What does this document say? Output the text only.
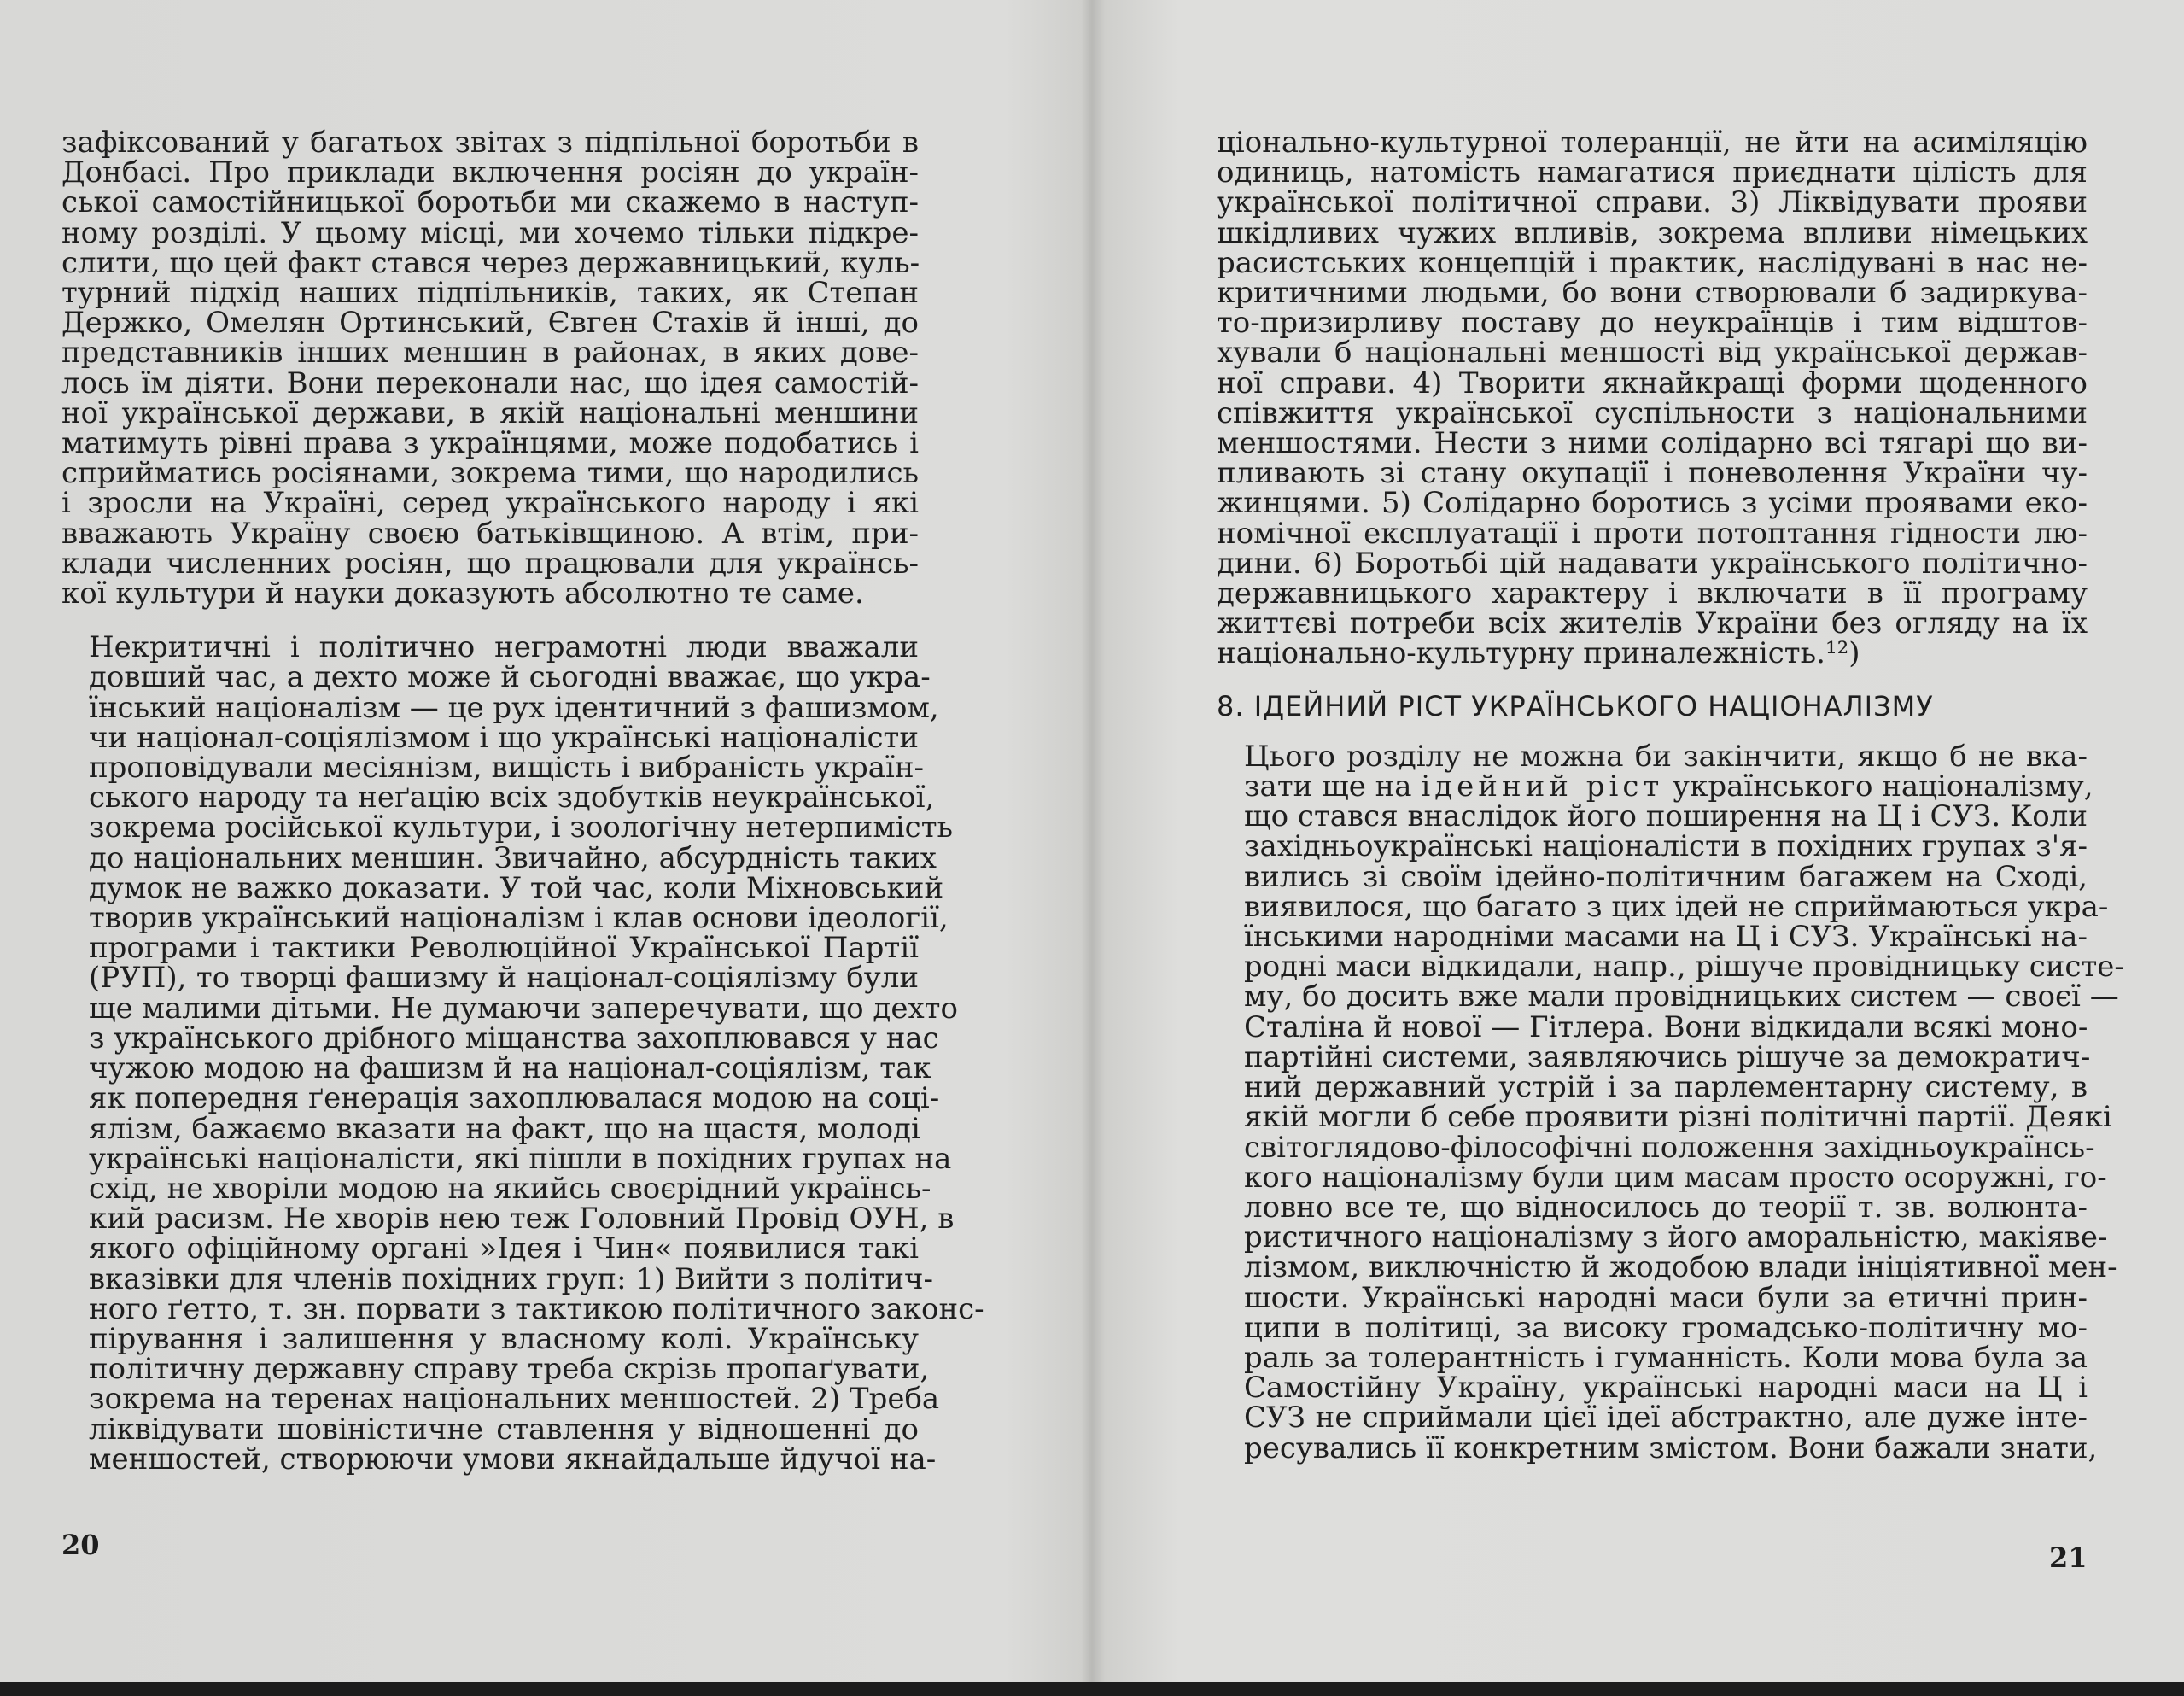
зафіксований у багатьох звітах з підпільної боротьби в
Донбасі. Про приклади включення росіян до україн-
ської самостійницької боротьби ми скажемо в наступ-
ному розділі. У цьому місці, ми хочемо тільки підкре-
слити, що цей факт стався через державницький, куль-
турний підхід наших підпільників, таких, як Степан
Держко, Омелян Ортинський, Євген Стахів й інші, до
представників інших меншин в районах, в яких дове-
лось їм діяти. Вони переконали нас, що ідея самостій-
ної української держави, в якій національні меншини
матимуть рівні права з українцями, може подобатись і
сприйматись росіянами, зокрема тими, що народились
і зросли на Україні, серед українського народу і які
вважають Україну своєю батьківщиною. А втім, при-
клади численних росіян, що працювали для українсь-
кої культури й науки доказують абсолютно те саме.
Некритичні і політично неграмотні люди вважали
довший час, а дехто може й сьогодні вважає, що укра-
їнський націоналізм — це рух ідентичний з фашизмом,
чи націонал-соціялізмом і що українські націоналісти
проповідували месіянізм, вищість і вибраність україн-
ського народу та неґацію всіх здобутків неукраїнської,
зокрема російської культури, і зоологічну нетерпимість
до національних меншин. Звичайно, абсурдність таких
думок не важко доказати. У той час, коли Міхновський
творив український націоналізм і клав основи ідеології,
програми і тактики Революційної Української Партії
(РУП), то творці фашизму й націонал-соціялізму були
ще малими дітьми. Не думаючи заперечувати, що дехто
з українського дрібного міщанства захоплювався у нас
чужою модою на фашизм й на націонал-соціялізм, так
як попередня ґенерація захоплювалася модою на соці-
ялізм, бажаємо вказати на факт, що на щастя, молоді
українські націоналісти, які пішли в похідних групах на
схід, не хворіли модою на якийсь своєрідний українсь-
кий расизм. Не хворів нею теж Головний Провід ОУН, в
якого офіційному органі »Ідея і Чин« появилися такі
вказівки для членів похідних груп: 1) Вийти з політич-
ного ґетто, т. зн. порвати з тактикою політичного законс-
пірування і залишення у власному колі. Українську
політичну державну справу треба скрізь пропаґувати,
зокрема на теренах національних меншостей. 2) Треба
ліквідувати шовіністичне ставлення у відношенні до
меншостей, створюючи умови якнайдальше йдучої на-
20
ціонально-культурної толеранції, не йти на асиміляцію
одиниць, натомість намагатися приєднати цілість для
української політичної справи. 3) Ліквідувати прояви
шкідливих чужих впливів, зокрема впливи німецьких
расистських концепцій і практик, наслідувані в нас не-
критичними людьми, бо вони створювали б задиркува-
то-призирливу поставу до неукраїнців і тим відштов-
хували б національні меншості від української держав-
ної справи. 4) Творити якнайкращі форми щоденного
співжиття української суспільности з національними
меншостями. Нести з ними солідарно всі тягарі що ви-
пливають зі стану окупації і поневолення України чу-
жинцями. 5) Солідарно боротись з усіми проявами еко-
номічної експлуатації і проти потоптання гідности лю-
дини. 6) Боротьбі цій надавати українського політично-
державницького характеру і включати в її програму
життєві потреби всіх жителів України без огляду на їх
національно-культурну приналежність.¹²)
8. ІДЕЙНИЙ РІСТ УКРАЇНСЬКОГО НАЦІОНАЛІЗМУ
Цього розділу не можна би закінчити, якщо б не вка-
зати ще на ідейний ріст українського націоналізму,
що стався внаслідок його поширення на Ц і СУЗ. Коли
західньоукраїнські націоналісти в похідних групах з'я-
вились зі своїм ідейно-політичним багажем на Сході,
виявилося, що багато з цих ідей не сприймаються укра-
їнськими народніми масами на Ц і СУЗ. Українські на-
родні маси відкидали, напр., рішуче провідницьку систе-
му, бо досить вже мали провідницьких систем — своєї —
Сталіна й нової — Гітлера. Вони відкидали всякі моно-
партійні системи, заявляючись рішуче за демократич-
ний державний устрій і за парлементарну систему, в
якій могли б себе проявити різні політичні партії. Деякі
світоглядово-філософічні положення західньоукраїнсь-
кого націоналізму були цим масам просто осоружні, го-
ловно все те, що відносилось до теорії т. зв. волюнта-
ристичного націоналізму з його аморальністю, макіяве-
лізмом, виключністю й жодобою влади ініціятивної мен-
шости. Українські народні маси були за етичні прин-
ципи в політиці, за високу громадсько-політичну мо-
раль за толерантність і гуманність. Коли мова була за
Самостійну Україну, українські народні маси на Ц і
СУЗ не сприймали цієї ідеї абстрактно, але дуже інте-
ресувались її конкретним змістом. Вони бажали знати,
21
